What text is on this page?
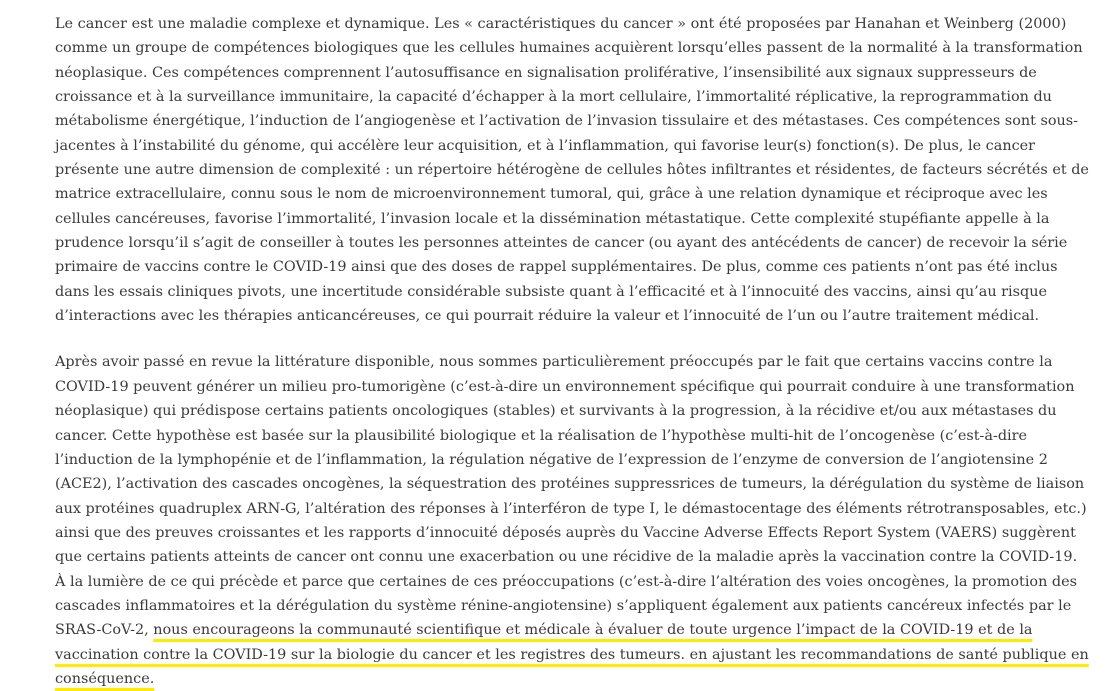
Le cancer est une maladie complexe et dynamique. Les « caractéristiques du cancer » ont été proposées par Hanahan et Weinberg (2000) comme un groupe de compétences biologiques que les cellules humaines acquièrent lorsqu’elles passent de la normalité à la transformation néoplasique. Ces compétences comprennent l’autosuffisance en signalisation proliférative, l’insensibilité aux signaux suppresseurs de croissance et à la surveillance immunitaire, la capacité d’échapper à la mort cellulaire, l’immortalité réplicative, la reprogrammation du métabolisme énergétique, l’induction de l’angiogenèse et l’activation de l’invasion tissulaire et des métastases. Ces compétences sont sous-jacentes à l’instabilité du génome, qui accélère leur acquisition, et à l’inflammation, qui favorise leur(s) fonction(s). De plus, le cancer présente une autre dimension de complexité : un répertoire hétérogène de cellules hôtes infiltrantes et résidentes, de facteurs sécrétés et de matrice extracellulaire, connu sous le nom de microenvironnement tumoral, qui, grâce à une relation dynamique et réciproque avec les cellules cancéreuses, favorise l’immortalité, l’invasion locale et la dissémination métastatique. Cette complexité stupéfiante appelle à la prudence lorsqu’il s’agit de conseiller à toutes les personnes atteintes de cancer (ou ayant des antécédents de cancer) de recevoir la série primaire de vaccins contre le COVID-19 ainsi que des doses de rappel supplémentaires. De plus, comme ces patients n’ont pas été inclus dans les essais cliniques pivots, une incertitude considérable subsiste quant à l’efficacité et à l’innocuité des vaccins, ainsi qu’au risque d’interactions avec les thérapies anticancéreuses, ce qui pourrait réduire la valeur et l’innocuité de l’un ou l’autre traitement médical.

Après avoir passé en revue la littérature disponible, nous sommes particulièrement préoccupés par le fait que certains vaccins contre la COVID-19 peuvent générer un milieu pro-tumorigène (c’est-à-dire un environnement spécifique qui pourrait conduire à une transformation néoplasique) qui prédispose certains patients oncologiques (stables) et survivants à la progression, à la récidive et/ou aux métastases du cancer. Cette hypothèse est basée sur la plausibilité biologique et la réalisation de l’hypothèse multi-hit de l’oncogenèse (c’est-à-dire l’induction de la lymphopénie et de l’inflammation, la régulation négative de l’expression de l’enzyme de conversion de l’angiotensine 2 (ACE2), l’activation des cascades oncogènes, la séquestration des protéines suppressrices de tumeurs, la dérégulation du système de liaison aux protéines quadruplex ARN-G, l’altération des réponses à l’interféron de type I, le démastocentage des éléments rétrotransposables, etc.) ainsi que des preuves croissantes et les rapports d’innocuité déposés auprès du Vaccine Adverse Effects Report System (VAERS) suggèrent que certains patients atteints de cancer ont connu une exacerbation ou une récidive de la maladie après la vaccination contre la COVID-19. À la lumière de ce qui précède et parce que certaines de ces préoccupations (c’est-à-dire l’altération des voies oncogènes, la promotion des cascades inflammatoires et la dérégulation du système rénine-angiotensine) s’appliquent également aux patients cancéreux infectés par le SRAS-CoV-2, nous encourageons la communauté scientifique et médicale à évaluer de toute urgence l’impact de la COVID-19 et de la vaccination contre la COVID-19 sur la biologie du cancer et les registres des tumeurs. en ajustant les recommandations de santé publique en conséquence.
